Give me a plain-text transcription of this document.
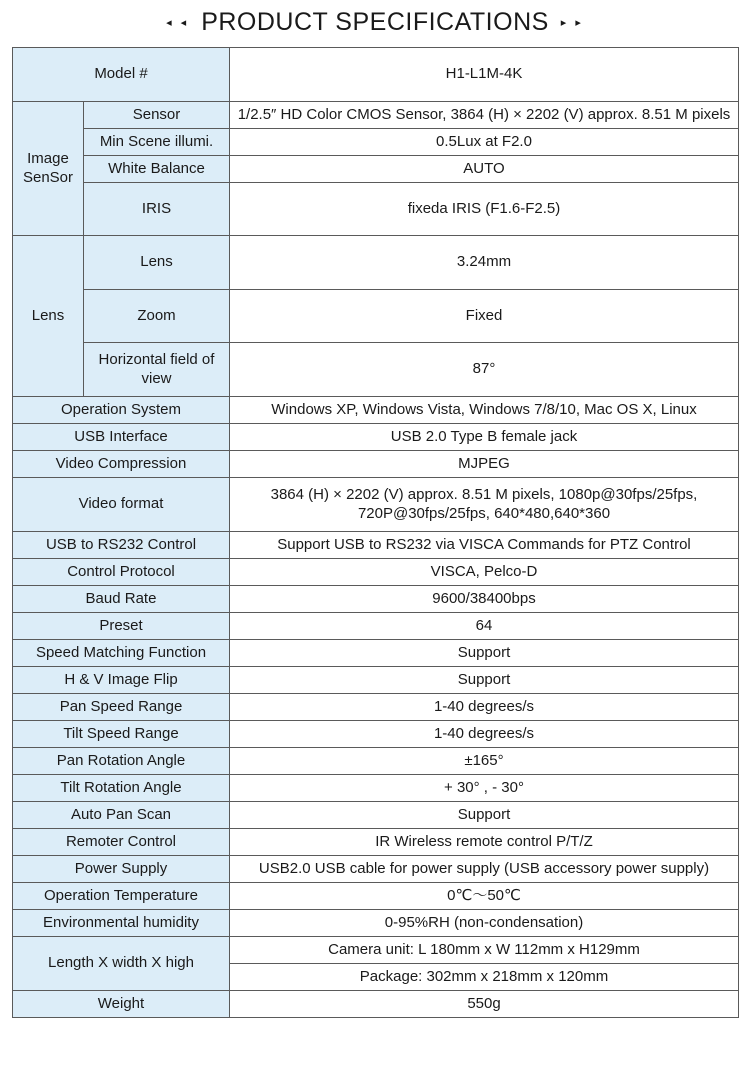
◂ ◂ PRODUCT SPECIFICATIONS ▸ ▸
Model #		H1-L1M-4K
Image SenSor	Sensor	1/2.5″ HD Color CMOS Sensor, 3864 (H) × 2202 (V) approx. 8.51 M pixels
	Min Scene illumi.	0.5Lux at F2.0
	White Balance	AUTO
	IRIS	fixeda IRIS (F1.6-F2.5)
Lens	Lens	3.24mm
	Zoom	Fixed
	Horizontal field of view	87°
Operation System		Windows XP, Windows Vista, Windows 7/8/10, Mac OS X, Linux
USB Interface		USB 2.0 Type B female jack
Video Compression		MJPEG
Video format		3864 (H) × 2202 (V) approx. 8.51 M pixels, 1080p@30fps/25fps, 720P@30fps/25fps, 640*480,640*360
USB to RS232 Control		Support USB to RS232 via VISCA Commands for PTZ Control
Control Protocol		VISCA, Pelco-D
Baud Rate		9600/38400bps
Preset		64
Speed Matching Function		Support
H & V Image Flip		Support
Pan Speed Range		1-40 degrees/s
Tilt Speed Range		1-40 degrees/s
Pan Rotation Angle		±165°
Tilt Rotation Angle		+ 30° , - 30°
Auto Pan Scan		Support
Remoter Control		IR Wireless remote control P/T/Z
Power Supply		USB2.0 USB cable for power supply (USB accessory power supply)
Operation Temperature		0℃～50℃
Environmental humidity		0-95%RH (non-condensation)
Length X width X high		Camera unit: L 180mm x W 112mm x H129mm
		Package: 302mm x 218mm x 120mm
Weight		550g
